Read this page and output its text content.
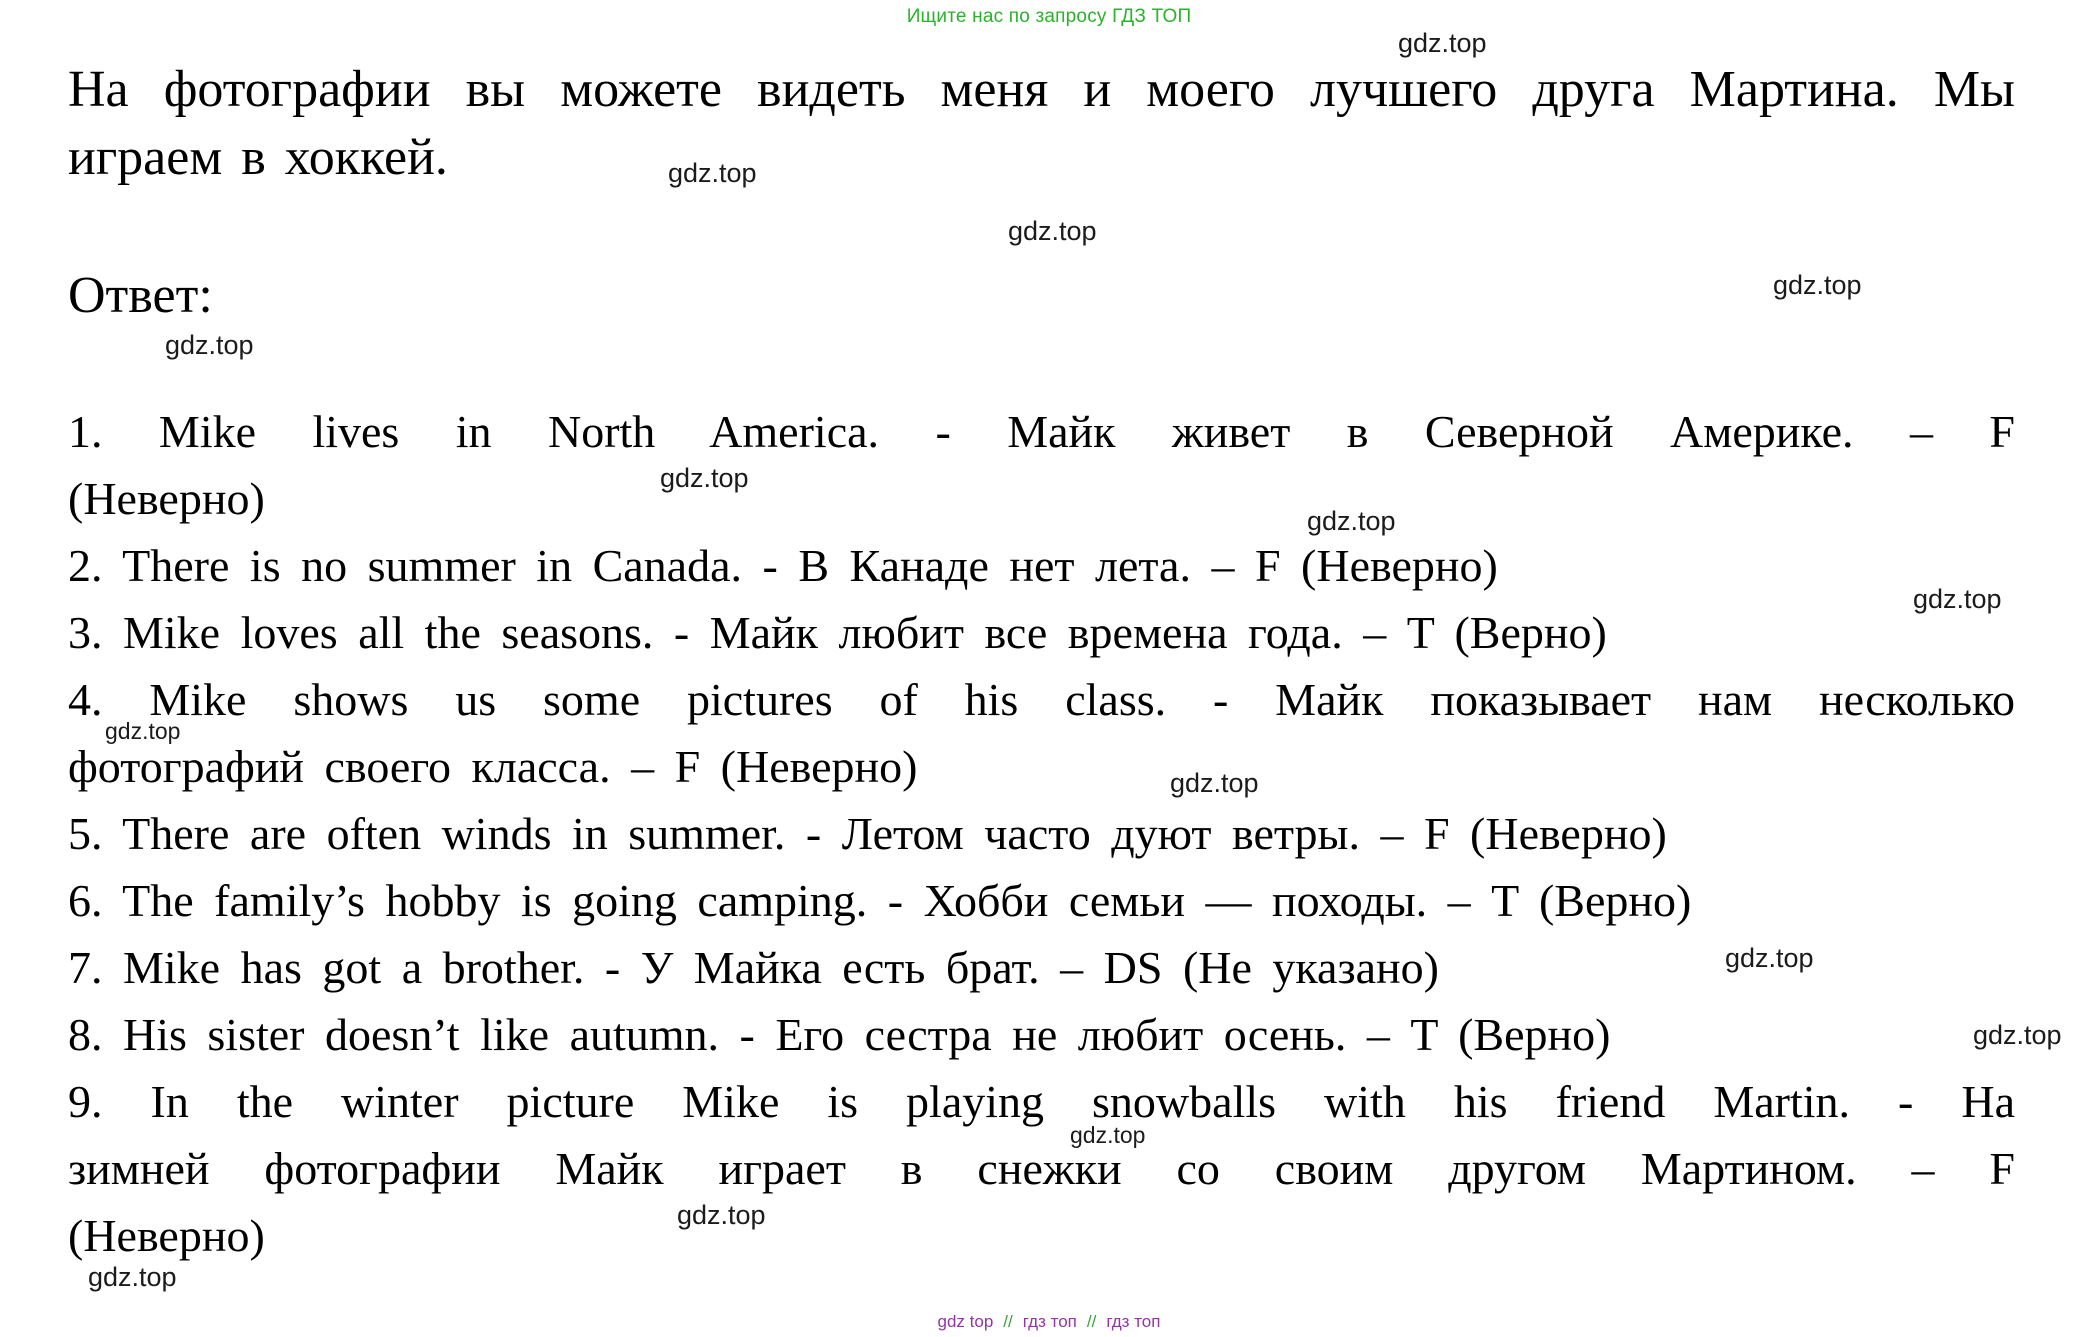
Ищите нас по запросу ГДЗ ТОП
gdz.top
gdz.top
gdz.top
gdz.top
gdz.top
gdz.top
gdz.top
gdz.top
gdz.top
gdz.top
gdz.top
gdz.top
gdz.top
gdz.top
gdz.top
На фотографии вы можете видеть меня и моего лучшего друга Мартина. Мы
играем в хоккей.
Ответ:
1. Mike lives in North America. - Майк живет в Северной Америке. – F
(Неверно)
2. There is no summer in Canada. - В Канаде нет лета. – F (Неверно)
3. Mike loves all the seasons. - Майк любит все времена года. – T (Верно)
4. Mike shows us some pictures of his class. - Майк показывает нам несколько
фотографий своего класса. – F (Неверно)
5. There are often winds in summer. - Летом часто дуют ветры. – F (Неверно)
6. The family’s hobby is going camping. - Хобби семьи — походы. – T (Верно)
7. Mike has got a brother. - У Майка есть брат. – DS (Не указано)
8. His sister doesn’t like autumn. - Его сестра не любит осень. – T (Верно)
9. In the winter picture Mike is playing snowballs with his friend Martin. - На
зимней фотографии Майк играет в снежки со своим другом Мартином. – F
(Неверно)
gdz top // гдз топ // гдз топ
